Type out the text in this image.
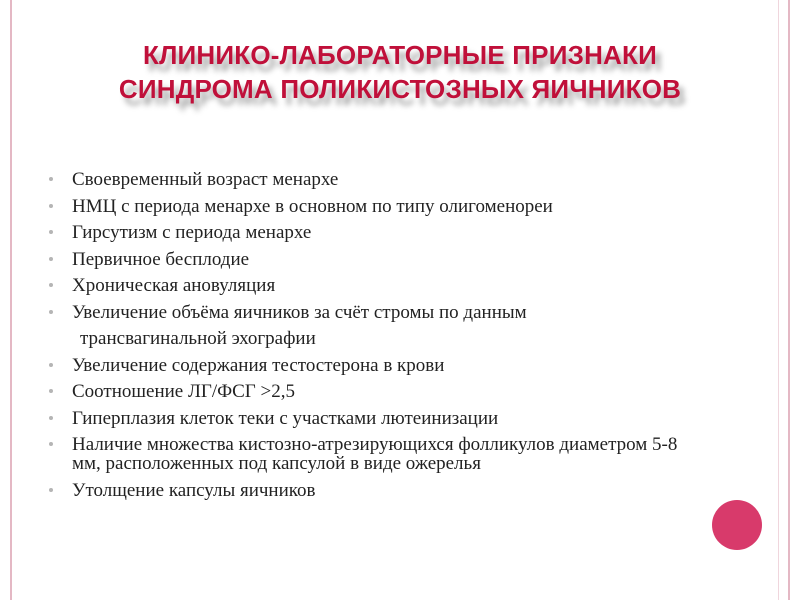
КЛИНИКО-ЛАБОРАТОРНЫЕ ПРИЗНАКИ
СИНДРОМА ПОЛИКИСТОЗНЫХ ЯИЧНИКОВ
Своевременный возраст менархе
НМЦ с периода менархе в основном по типу олигоменореи
Гирсутизм с периода менархе
Первичное бесплодие
Хроническая ановуляция
Увеличение объёма яичников за счёт стромы по данным
трансвагинальной эхографии
Увеличение содержания тестостерона в крови
Соотношение ЛГ/ФСГ >2,5
Гиперплазия клеток теки с участками лютеинизации
Наличие множества кистозно-атрезирующихся фолликулов диаметром 5-8 мм, расположенных под капсулой в виде ожерелья
Утолщение капсулы яичников
